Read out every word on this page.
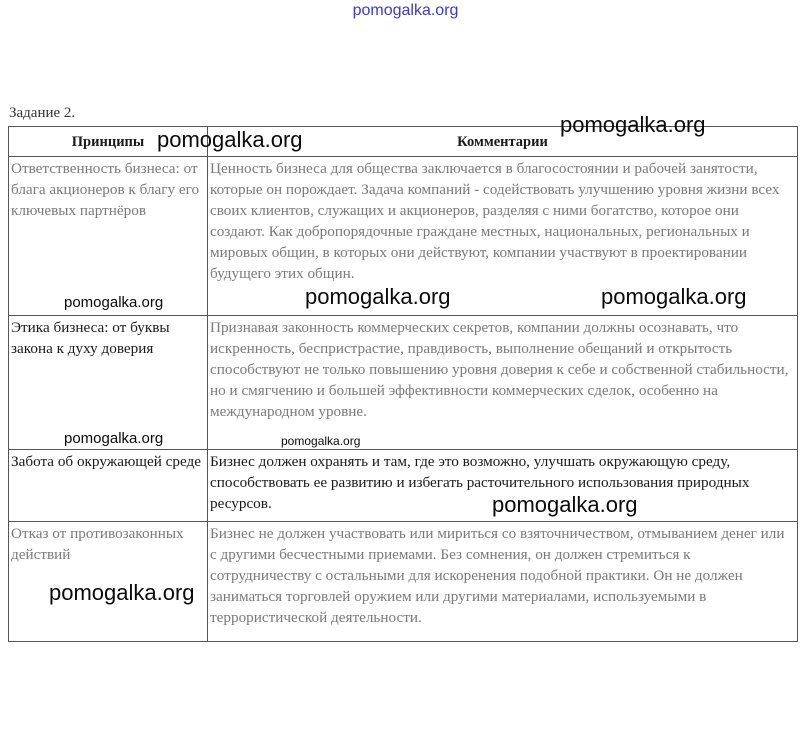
pomogalka.org
Задание 2.
Принципы	Комментарии
Ответственность бизнеса: от блага акционеров к благу его ключевых партнёров	Ценность бизнеса для общества заключается в благосостоянии и рабочей занятости, которые он порождает. Задача компаний - содействовать улучшению уровня жизни всех своих клиентов, служащих и акционеров, разделяя с ними богатство, которое они создают. Как добропорядочные граждане местных, национальных, региональных и мировых общин, в которых они действуют, компании участвуют в проектировании будущего этих общин.
Этика бизнеса: от буквы закона к духу доверия	Признавая законность коммерческих секретов, компании должны осознавать, что искренность, беспристрастие, правдивость, выполнение обещаний и открытость способствуют не только повышению уровня доверия к себе и собственной стабильности, но и смягчению и большей эффективности коммерческих сделок, особенно на международном уровне.
Забота об окружающей среде	Бизнес должен охранять и там, где это возможно, улучшать окружающую среду, способствовать ее развитию и избегать расточительного использования природных ресурсов.
Отказ от противозаконных действий	Бизнес не должен участвовать или мириться со взяточничеством, отмыванием денег или с другими бесчестными приемами. Без сомнения, он должен стремиться к сотрудничеству с остальными для искоренения подобной практики. Он не должен заниматься торговлей оружием или другими материалами, используемыми в террористической деятельности.
pomogalka.org
pomogalka.org
pomogalka.org	pomogalka.org	pomogalka.org
pomogalka.org	pomogalka.org
pomogalka.org
pomogalka.org
